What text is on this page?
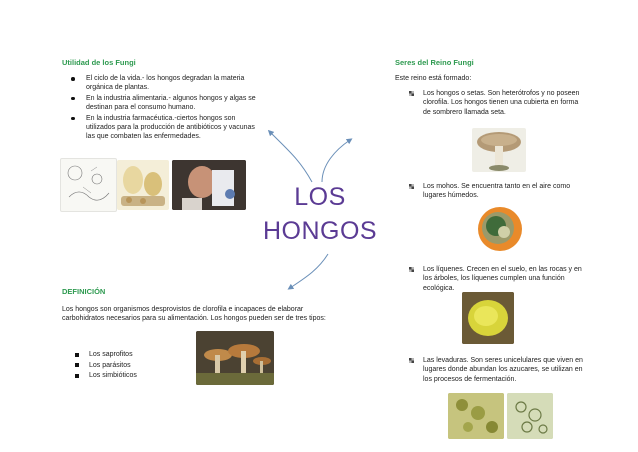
Utilidad de los Fungi
El ciclo de la vida.- los hongos degradan la materia orgánica de plantas.
En la industria alimentaria.- algunos hongos y algas se destinan para el consumo humano.
En la industria farmacéutica.-ciertos hongos son utilizados para la producción de antibióticos y vacunas las que combaten las enfermedades.
LOS
HONGOS
DEFINICIÓN
Los hongos son organismos desprovistos de clorofila e incapaces de elaborar carbohidratos necesarios para su alimentación. Los hongos pueden ser de tres tipos:
Los saprofitos
Los parásitos
Los simbióticos
Seres del Reino Fungi
Este reino está formado:
Los hongos o setas. Son heterótrofos y no poseen clorofila. Los hongos tienen una cubierta en forma de sombrero llamada seta.
Los mohos. Se encuentra tanto en el aire como lugares húmedos.
Los líquenes. Crecen en el suelo, en las rocas y en los árboles, los líquenes cumplen una función ecológica.
Las levaduras. Son seres unicelulares que viven en lugares donde abundan los azucares, se utilizan en los procesos de fermentación.
